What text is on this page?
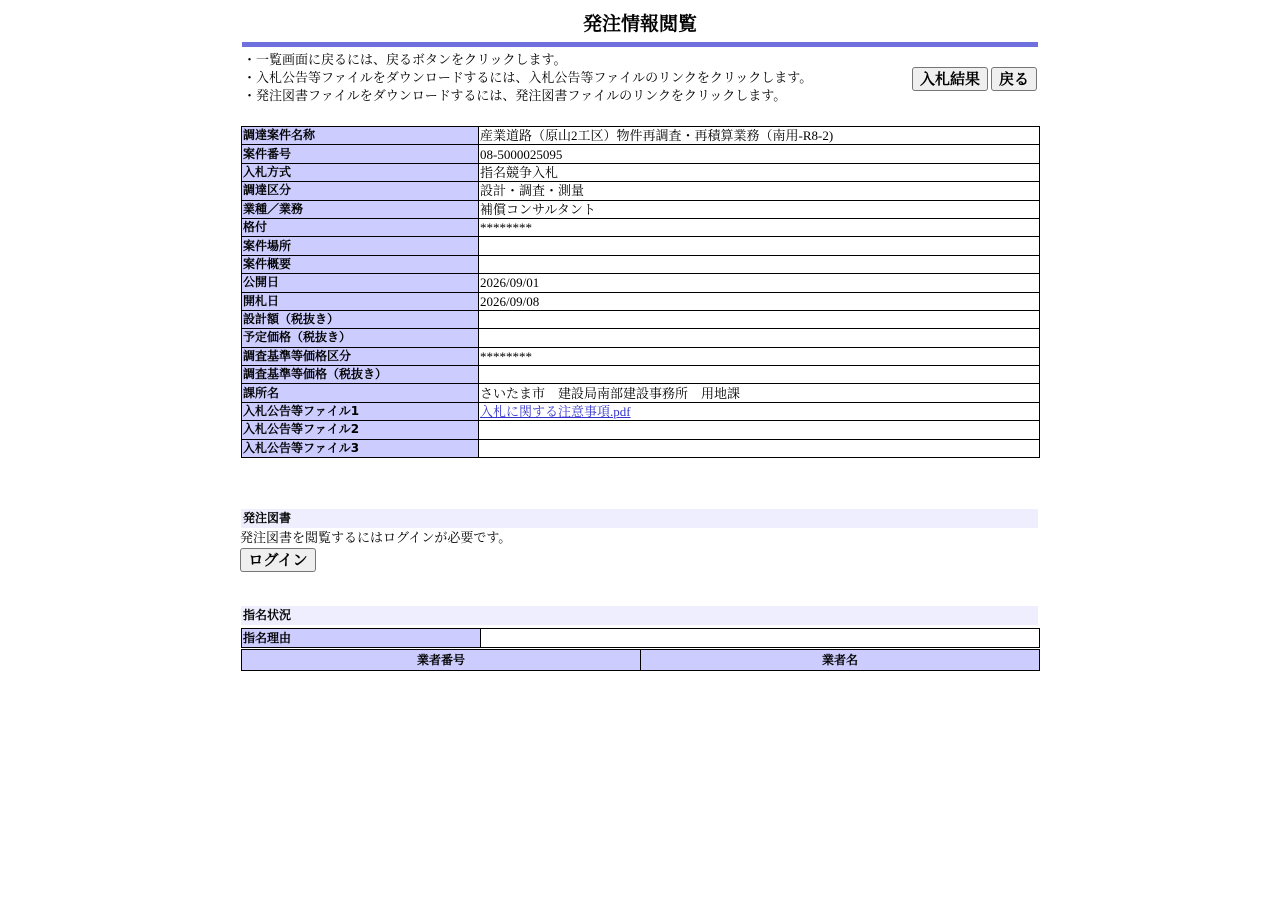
発注情報閲覧
・一覧画面に戻るには、戻るボタンをクリックします。
・入札公告等ファイルをダウンロードするには、入札公告等ファイルのリンクをクリックします。
・発注図書ファイルをダウンロードするには、発注図書ファイルのリンクをクリックします。
入札結果	戻る
調達案件名称	産業道路（原山2工区）物件再調査・再積算業務（南用-R8-2)
案件番号	08-5000025095
入札方式	指名競争入札
調達区分	設計・調査・測量
業種／業務	補償コンサルタント
格付	********
案件場所	
案件概要	
公開日	2026/09/01
開札日	2026/09/08
設計額（税抜き）	
予定価格（税抜き）	
調査基準等価格区分	********
調査基準等価格（税抜き）	
課所名	さいたま市　建設局南部建設事務所　用地課
入札公告等ファイル1	入札に関する注意事項.pdf
入札公告等ファイル2	
入札公告等ファイル3	
発注図書
発注図書を閲覧するにはログインが必要です。
ログイン
指名状況
指名理由	
業者番号	業者名
